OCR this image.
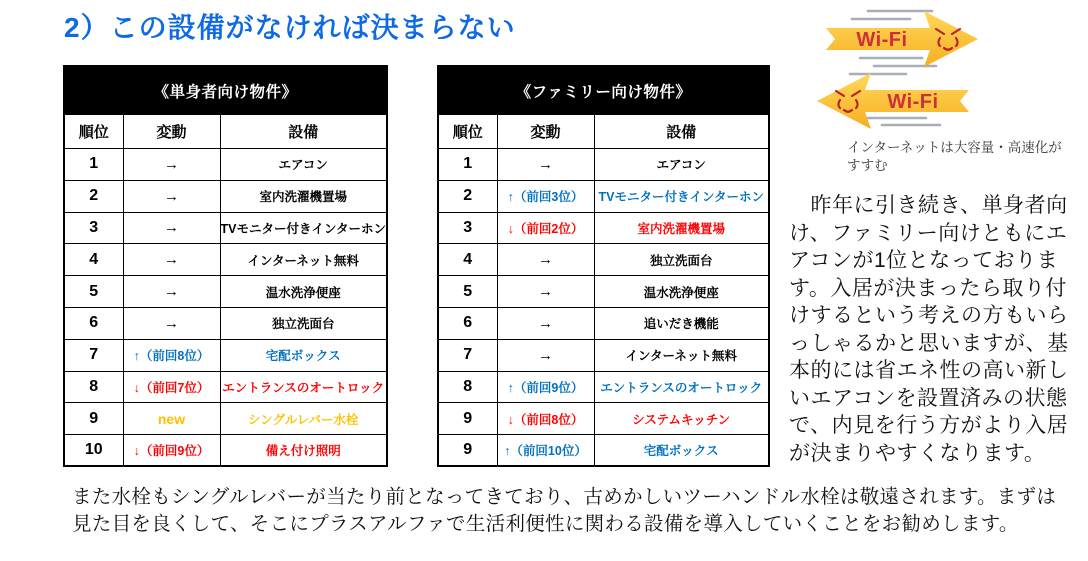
2）この設備がなければ決まらない
《単身者向け物件》		
順位	変動	設備
1	→	エアコン
2	→	室内洗濯機置場
3	→	TVモニター付きインターホン
4	→	インターネット無料
5	→	温水洗浄便座
6	→	独立洗面台
7	↑（前回8位）	宅配ボックス
8	↓（前回7位）	エントランスのオートロック
9	new	シングルレバー水栓
10	↓（前回9位）	備え付け照明
《ファミリー向け物件》		
順位	変動	設備
1	→	エアコン
2	↑（前回3位）	TVモニター付きインターホン
3	↓（前回2位）	室内洗濯機置場
4	→	独立洗面台
5	→	温水洗浄便座
6	→	追いだき機能
7	→	インターネット無料
8	↑（前回9位）	エントランスのオートロック
9	↓（前回8位）	システムキッチン
9	↑（前回10位）	宅配ボックス
Wi-Fi
Wi-Fi
インターネットは大容量・高速化がすすむ
　昨年に引き続き、単身者向け、ファミリー向けともにエアコンが1位となっております。入居が決まったら取り付けするという考えの方もいらっしゃるかと思いますが、基本的には省エネ性の高い新しいエアコンを設置済みの状態で、内見を行う方がより入居が決まりやすくなります。
また水栓もシングルレバーが当たり前となってきており、古めかしいツーハンドル水栓は敬遠されます。まずは見た目を良くして、そこにプラスアルファで生活利便性に関わる設備を導入していくことをお勧めします。
